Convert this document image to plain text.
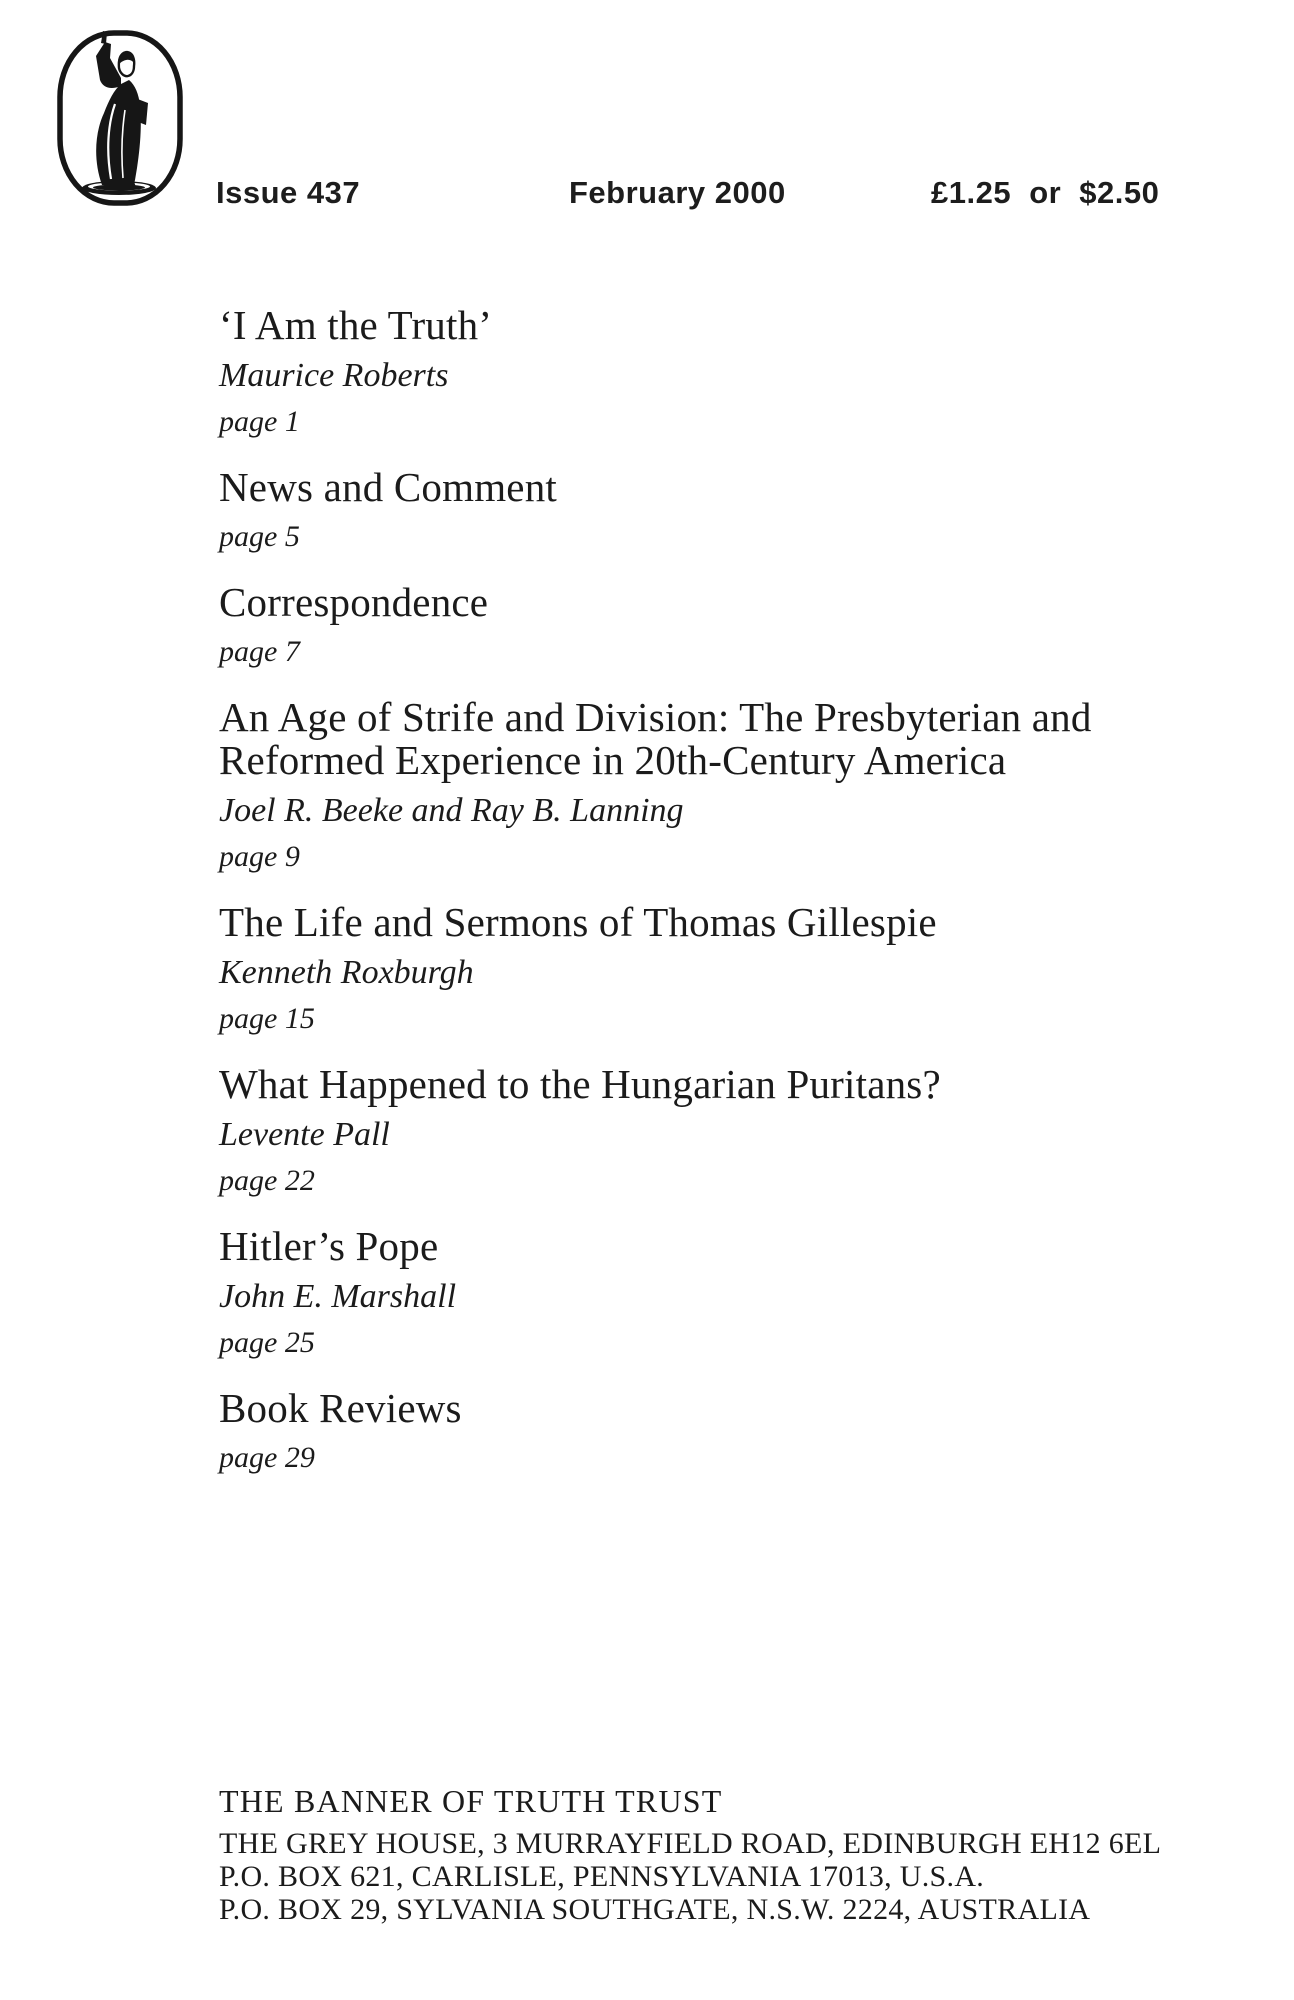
Issue 437	February 2000	£1.25 or $2.50
‘I Am the Truth’

Maurice Roberts

page 1

News and Comment

page 5

Correspondence

page 7

An Age of Strife and Division: The Presbyterian and Reformed Experience in 20th-Century America

Joel R. Beeke and Ray B. Lanning

page 9

The Life and Sermons of Thomas Gillespie

Kenneth Roxburgh

page 15

What Happened to the Hungarian Puritans?

Levente Pall

page 22

Hitler’s Pope

John E. Marshall

page 25

Book Reviews

page 29

THE BANNER OF TRUTH TRUST

THE GREY HOUSE, 3 MURRAYFIELD ROAD, EDINBURGH EH12 6EL

P.O. BOX 621, CARLISLE, PENNSYLVANIA 17013, U.S.A.

P.O. BOX 29, SYLVANIA SOUTHGATE, N.S.W. 2224, AUSTRALIA
